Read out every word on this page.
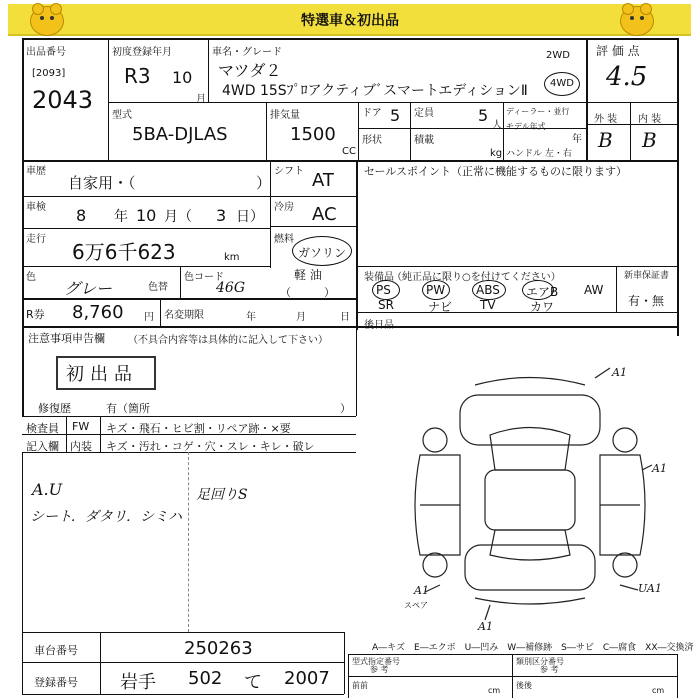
特選車＆初出品
出品番号
[2093]
2043
初度登録年月
R3 10
月
車名・グレード
マツダ２
4WD 15SﾌﾟﾛアクティブﾞスマートエディションⅡ
2WD
4WD
評 価 点
4.5
型式
5BA-DJLAS
排気量
1500
CC
ドア 5 定員	5
人
形状	積載
kg
ディーラー・並行
モデル年式
年
ハンドル 左・右
外 装 内 装
B B
車歴
自家用・（	）
シフト AT	セールスポイント（正常に機能するものに限ります）
車検 8 年 10 月（ 3 日）
冷房 AC
走行
6万6千623	km
燃料
ガソリン
軽 油
（　　　）
色
グレー	色替
色コード
46G
R券 8,760 円 名変期限	年	月	日
装備品
（純正品に限り○を付けてください）
PS	PW	ABS エアB AW
SR	ナビ TV	カワ
新車保証書
有・無
後日品
注意事項申告欄 （不具合内容等は具体的に記入して下さい）
初出品
修復歴	有（箇所	）
検査員
記入欄
FW
内装
キズ・飛石・ヒビ割・リペア跡・×要
キズ・汚れ・コゲ・穴・スレ・キレ・破レ
A.U
シート．ダタリ．シミハ
足回りS
A1
A1
A1	UA1
A1
スペア
A―キズ　E―エクボ　U―凹み　W―補修跡　S―サビ　C―腐食　XX―交換済
車台番号	250263
登録番号 岩手 502 て 2007
型式指定番号
参 考
類別区分番号
参 考
前前
cm
後後
cm
